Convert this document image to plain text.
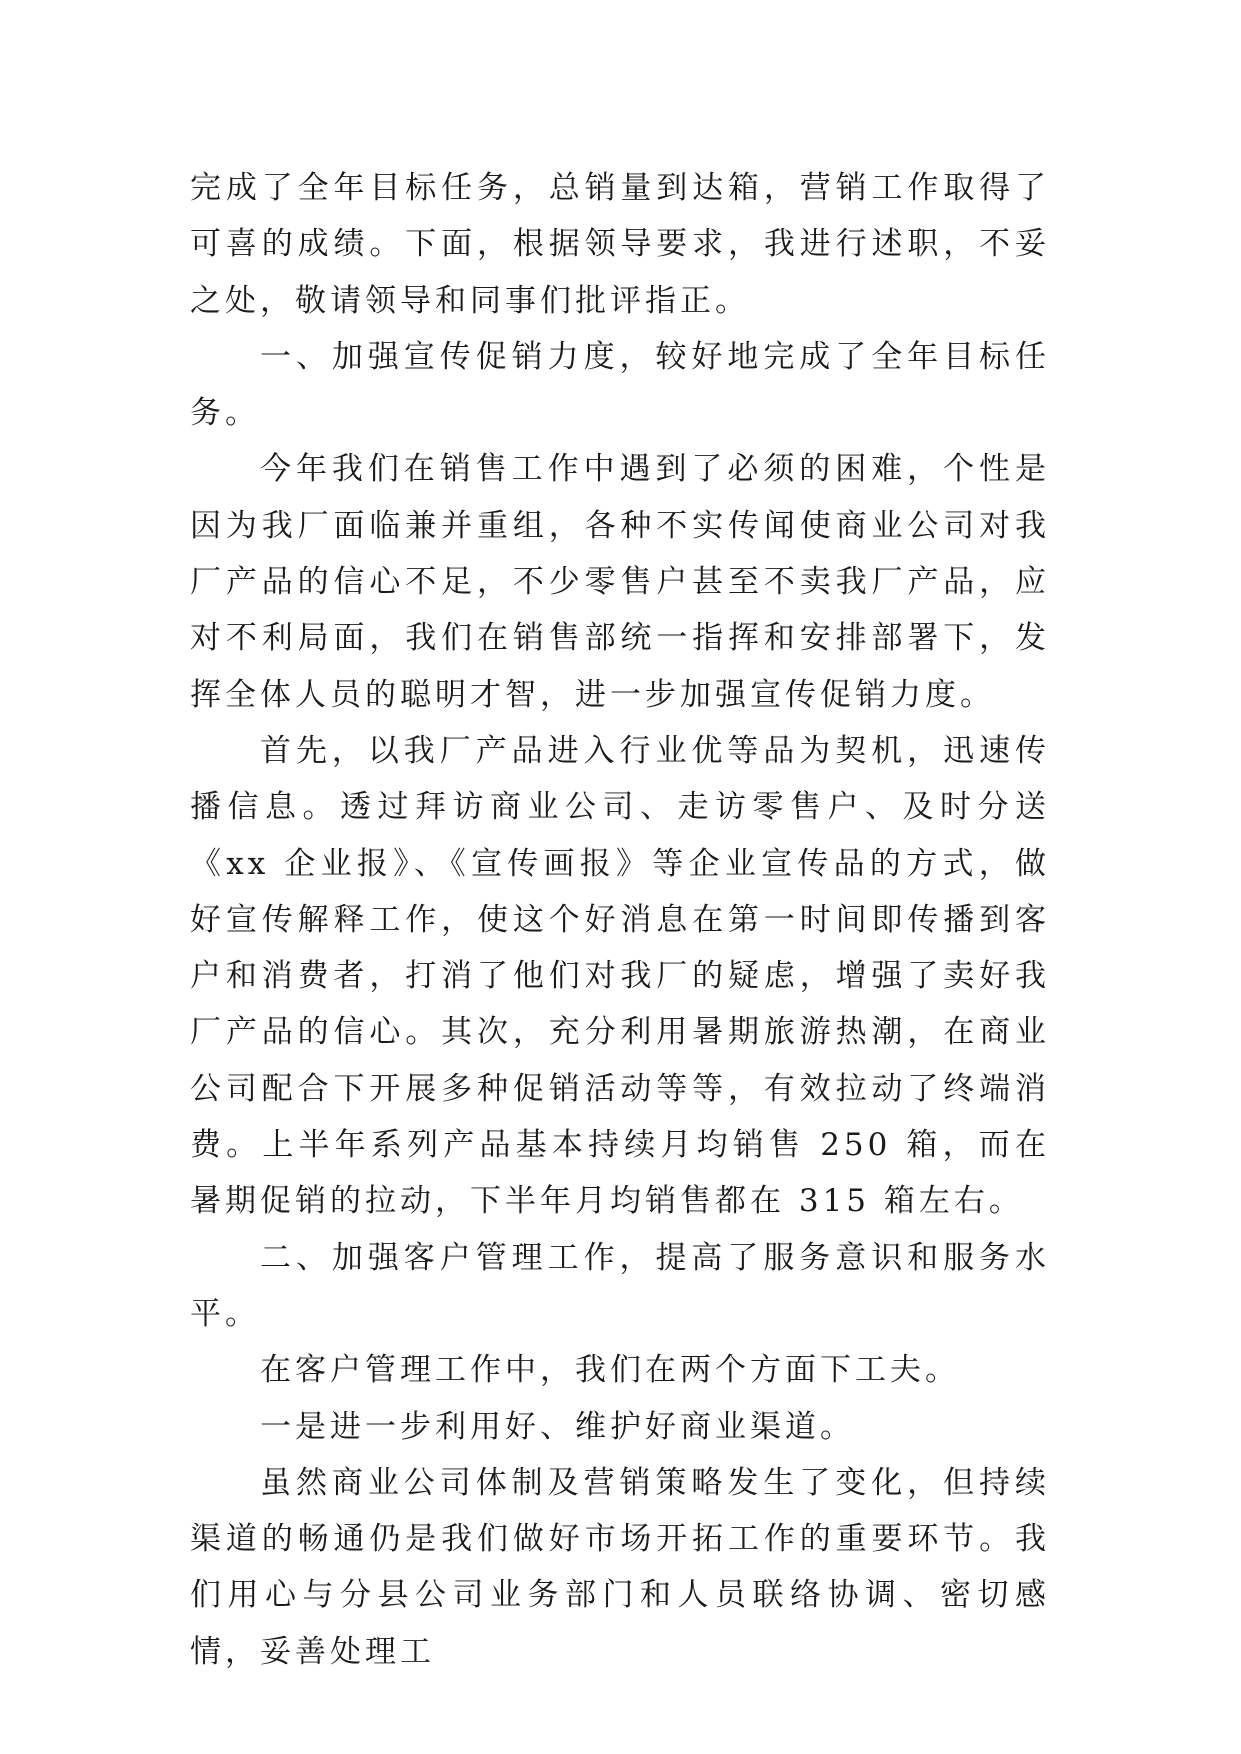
完成了全年目标任务，总销量到达箱，营销工作取得了可喜的成绩。下面，根据领导要求，我进行述职，不妥之处，敬请领导和同事们批评指正。

一、加强宣传促销力度，较好地完成了全年目标任务。

今年我们在销售工作中遇到了必须的困难，个性是因为我厂面临兼并重组，各种不实传闻使商业公司对我厂产品的信心不足，不少零售户甚至不卖我厂产品，应对不利局面，我们在销售部统一指挥和安排部署下，发挥全体人员的聪明才智，进一步加强宣传促销力度。

首先，以我厂产品进入行业优等品为契机，迅速传播信息。透过拜访商业公司、走访零售户、及时分送《xx 企业报》、《宣传画报》等企业宣传品的方式，做好宣传解释工作，使这个好消息在第一时间即传播到客户和消费者，打消了他们对我厂的疑虑，增强了卖好我厂产品的信心。其次，充分利用暑期旅游热潮，在商业公司配合下开展多种促销活动等等，有效拉动了终端消费。上半年系列产品基本持续月均销售 250 箱，而在暑期促销的拉动，下半年月均销售都在 315 箱左右。

二、加强客户管理工作，提高了服务意识和服务水平。

在客户管理工作中，我们在两个方面下工夫。

一是进一步利用好、维护好商业渠道。

虽然商业公司体制及营销策略发生了变化，但持续渠道的畅通仍是我们做好市场开拓工作的重要环节。我们用心与分县公司业务部门和人员联络协调、密切感情，妥善处理工
